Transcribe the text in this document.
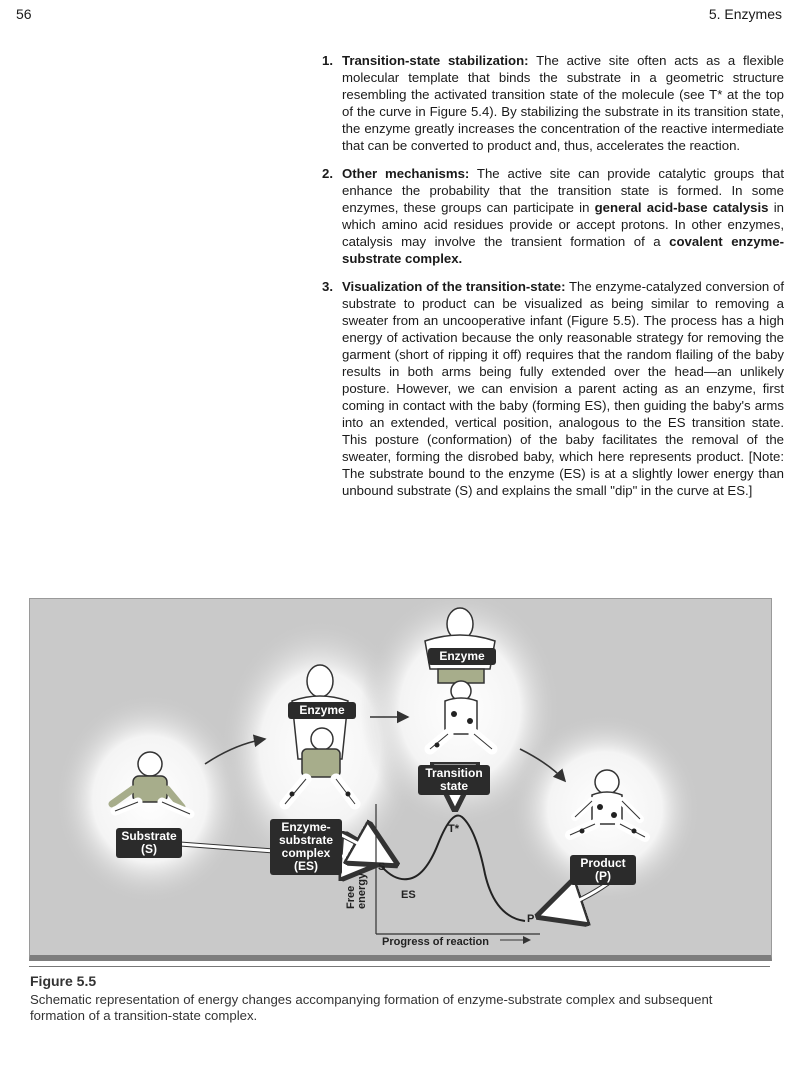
56	5. Enzymes
1. Transition-state stabilization: The active site often acts as a flexible molecular template that binds the substrate in a geometric structure resembling the activated transition state of the molecule (see T* at the top of the curve in Figure 5.4). By stabilizing the substrate in its transition state, the enzyme greatly increases the concentration of the reactive intermediate that can be converted to product and, thus, accelerates the reaction.
2. Other mechanisms: The active site can provide catalytic groups that enhance the probability that the transition state is formed. In some enzymes, these groups can participate in general acid-base catalysis in which amino acid residues provide or accept protons. In other enzymes, catalysis may involve the transient formation of a covalent enzyme-substrate complex.
3. Visualization of the transition-state: The enzyme-catalyzed conversion of substrate to product can be visualized as being similar to removing a sweater from an uncooperative infant (Figure 5.5). The process has a high energy of activation because the only reasonable strategy for removing the garment (short of ripping it off) requires that the random flailing of the baby results in both arms being fully extended over the head—an unlikely posture. However, we can envision a parent acting as an enzyme, first coming in contact with the baby (forming ES), then guiding the baby's arms into an extended, vertical position, analogous to the ES transition state. This posture (conformation) of the baby facilitates the removal of the sweater, forming the disrobed baby, which here represents product. [Note: The substrate bound to the enzyme (ES) is at a slightly lower energy than unbound substrate (S) and explains the small "dip" in the curve at ES.]
Substrate (S)
Enzyme-substrate complex (ES)
Enzyme
Enzyme
Transition state
Product (P)
S
ES
T*
P
Free energy
Progress of reaction
Figure 5.5
Schematic representation of energy changes accompanying formation of enzyme-substrate complex and subsequent formation of a transition-state complex.
